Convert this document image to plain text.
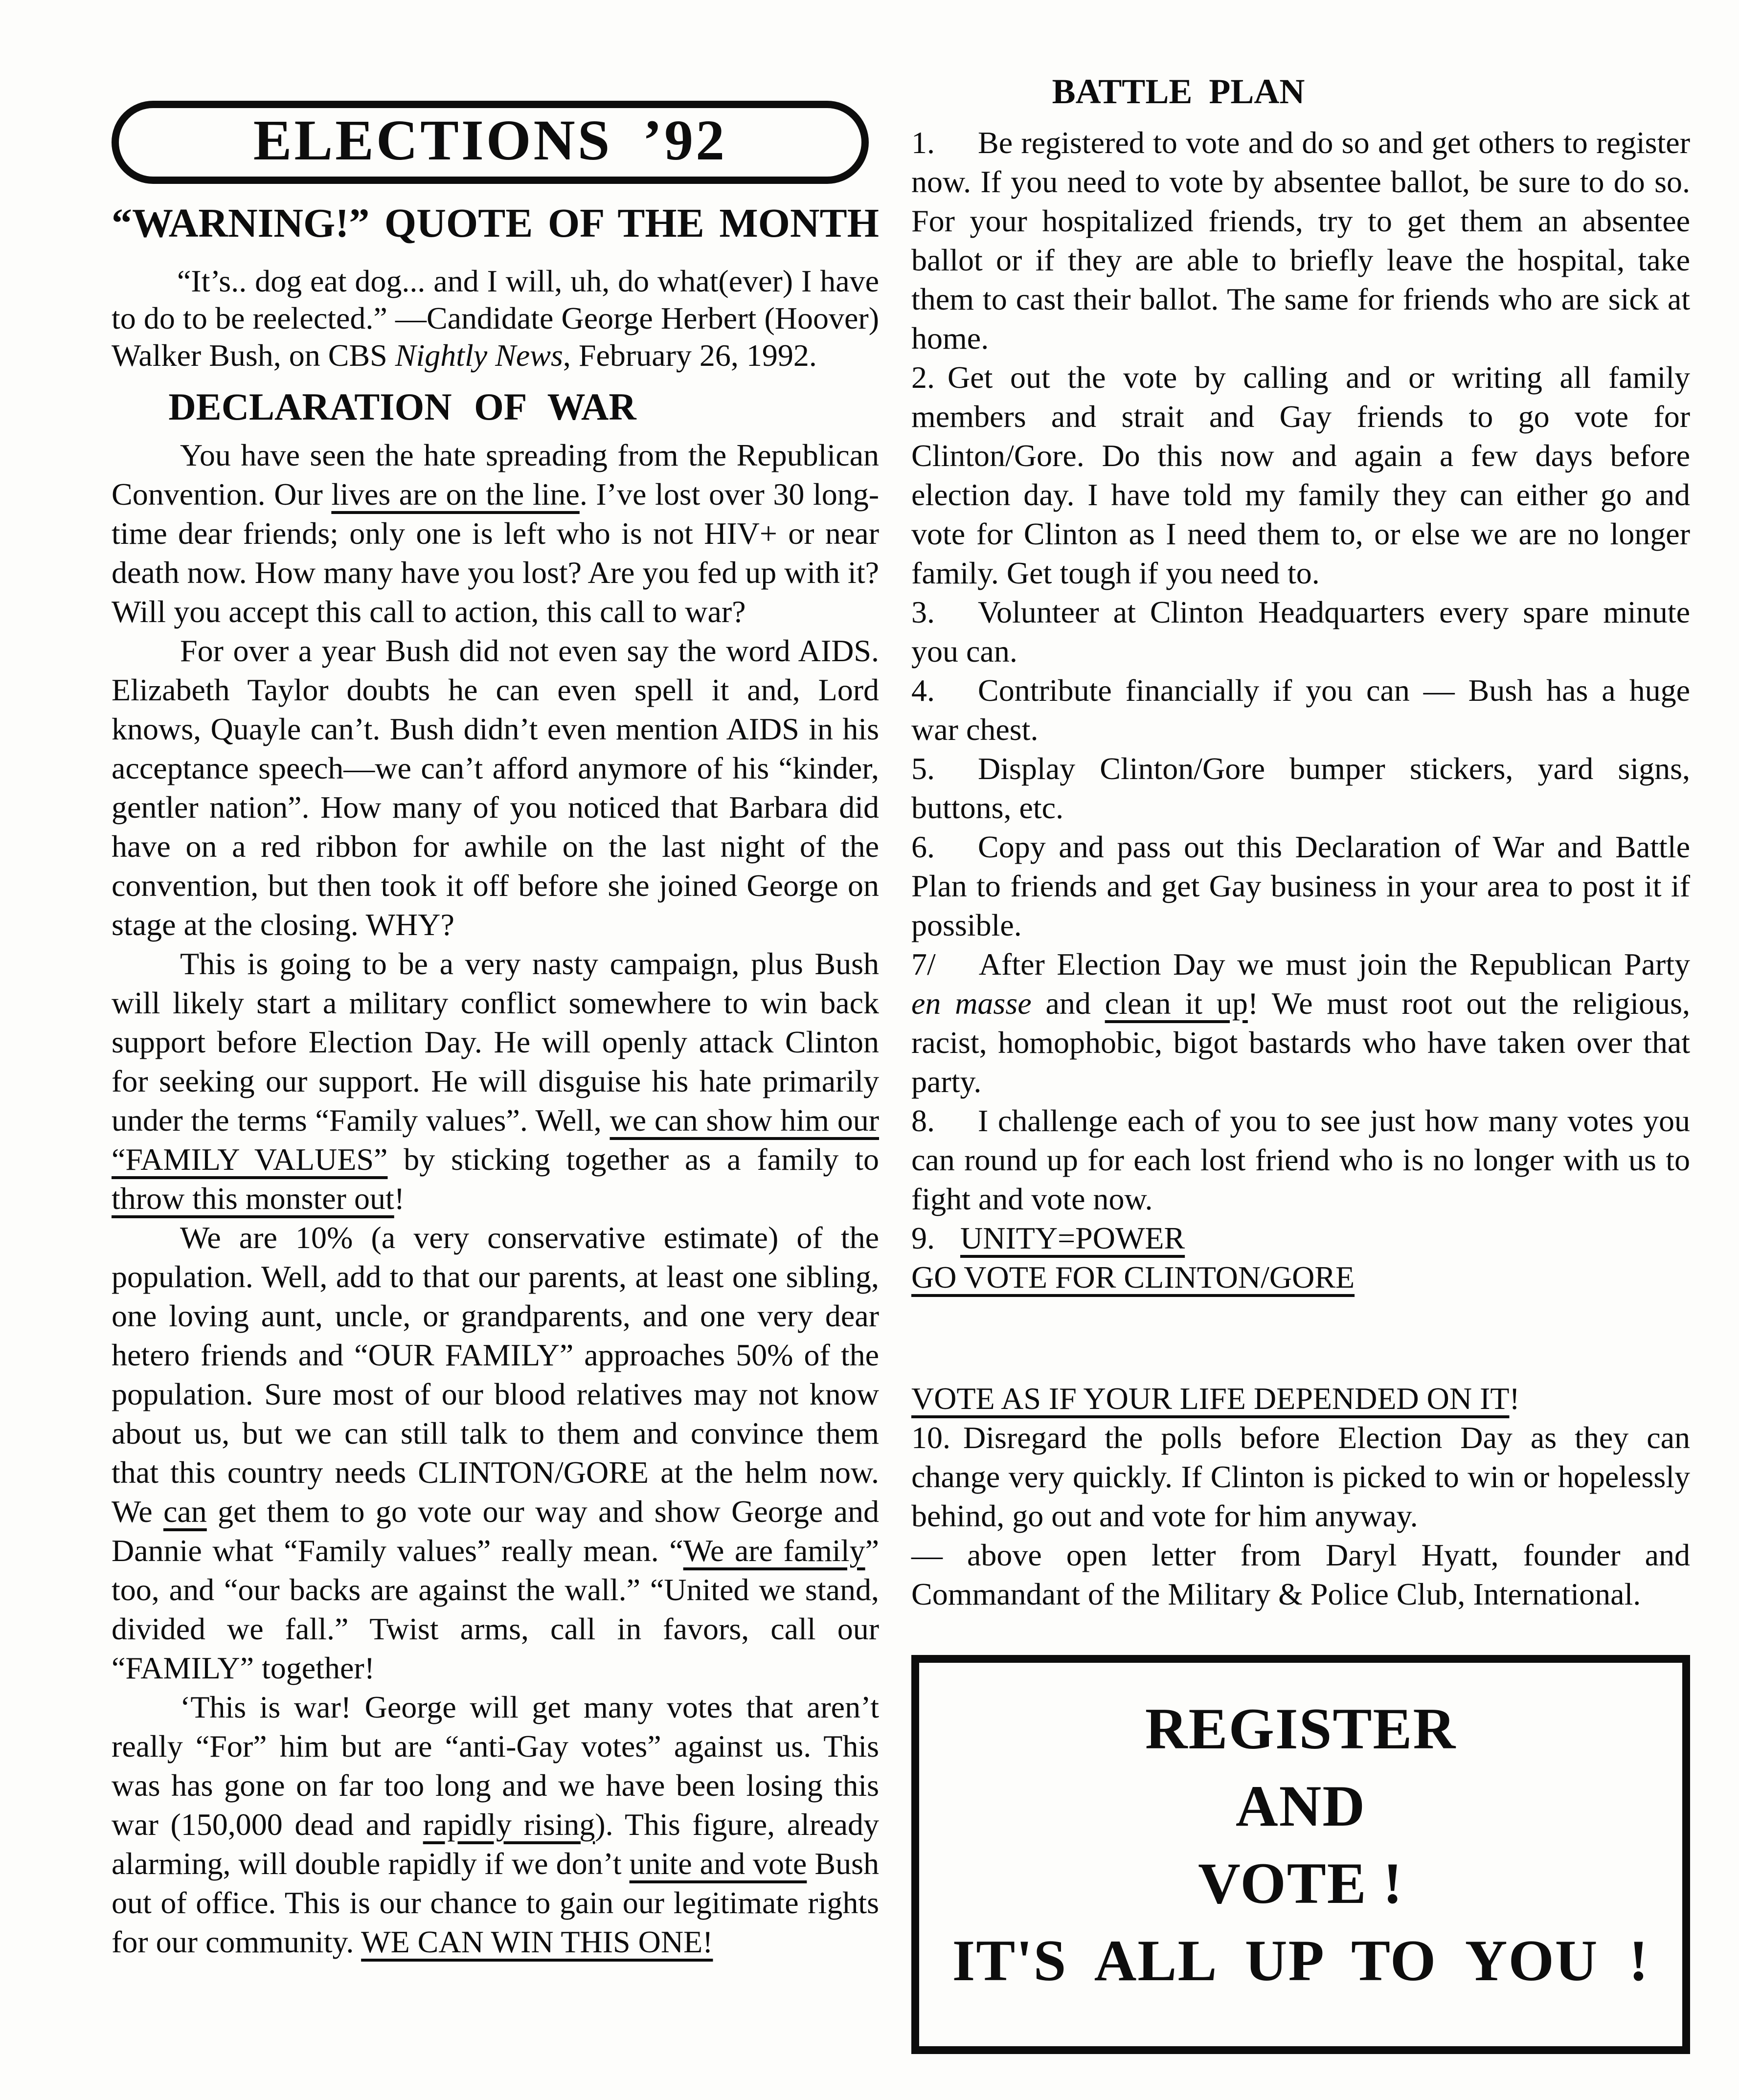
ELECTIONS ’92
“WARNING!” QUOTE OF THE MONTH

“It’s.. dog eat dog... and I will, uh, do what(ever) I have to do to be reelected.” —Candidate George Herbert (Hoover) Walker Bush, on CBS Nightly News, February 26, 1992.

DECLARATION OF WAR

You have seen the hate spreading from the Republican Convention. Our lives are on the line. I’ve lost over 30 long-time dear friends; only one is left who is not HIV+ or near death now. How many have you lost? Are you fed up with it? Will you accept this call to action, this call to war?

For over a year Bush did not even say the word AIDS. Elizabeth Taylor doubts he can even spell it and, Lord knows, Quayle can’t. Bush didn’t even mention AIDS in his acceptance speech—we can’t afford anymore of his “kinder, gentler nation”. How many of you noticed that Barbara did have on a red ribbon for awhile on the last night of the convention, but then took it off before she joined George on stage at the closing. WHY?

This is going to be a very nasty campaign, plus Bush will likely start a military conflict somewhere to win back support before Election Day. He will openly attack Clinton for seeking our support. He will disguise his hate primarily under the terms “Family values”. Well, we can show him our “FAMILY VALUES” by sticking together as a family to throw this monster out!

We are 10% (a very conservative estimate) of the population. Well, add to that our parents, at least one sibling, one loving aunt, uncle, or grandparents, and one very dear hetero friends and “OUR FAMILY” approaches 50% of the population. Sure most of our blood relatives may not know about us, but we can still talk to them and convince them that this country needs CLINTON/GORE at the helm now. We can get them to go vote our way and show George and Dannie what “Family values” really mean. “We are family” too, and “our backs are against the wall.” “United we stand, divided we fall.” Twist arms, call in favors, call our “FAMILY” together!

‘This is war! George will get many votes that aren’t really “For” him but are “anti-Gay votes” against us. This was has gone on far too long and we have been losing this war (150,000 dead and rapidly rising). This figure, already alarming, will double rapidly if we don’t unite and vote Bush out of office. This is our chance to gain our legitimate rights for our community. WE CAN WIN THIS ONE!

BATTLE PLAN

1. Be registered to vote and do so and get others to register now. If you need to vote by absentee ballot, be sure to do so. For your hospitalized friends, try to get them an absentee ballot or if they are able to briefly leave the hospital, take them to cast their ballot. The same for friends who are sick at home.

2. Get out the vote by calling and or writing all family members and strait and Gay friends to go vote for Clinton/Gore. Do this now and again a few days before election day. I have told my family they can either go and vote for Clinton as I need them to, or else we are no longer family. Get tough if you need to.

3. Volunteer at Clinton Headquarters every spare minute you can.

4. Contribute financially if you can — Bush has a huge war chest.

5. Display Clinton/Gore bumper stickers, yard signs, buttons, etc.

6. Copy and pass out this Declaration of War and Battle Plan to friends and get Gay business in your area to post it if possible.

7/ After Election Day we must join the Republican Party en masse and clean it up! We must root out the religious, racist, homophobic, bigot bastards who have taken over that party.

8. I challenge each of you to see just how many votes you can round up for each lost friend who is no longer with us to fight and vote now.

9. UNITY=POWER

GO VOTE FOR CLINTON/GORE

VOTE AS IF YOUR LIFE DEPENDED ON IT!

10. Disregard the polls before Election Day as they can change very quickly. If Clinton is picked to win or hopelessly behind, go out and vote for him anyway.

— above open letter from Daryl Hyatt, founder and Commandant of the Military & Police Club, International.

REGISTER
AND
VOTE !
IT'S ALL UP TO YOU !
